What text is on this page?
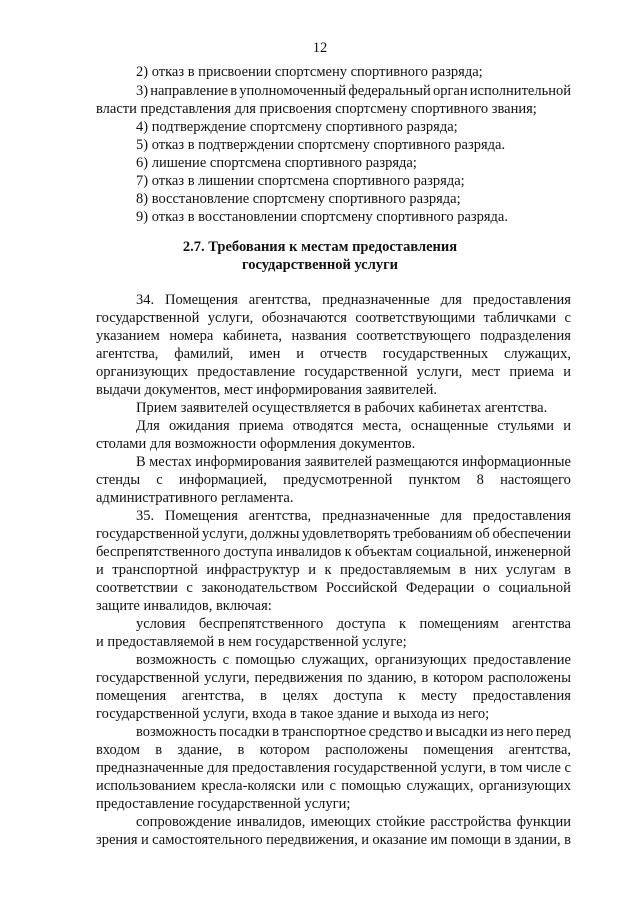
12
2) отказ в присвоении спортсмену спортивного разряда;
3) направление в уполномоченный федеральный орган исполнительной
власти представления для присвоения спортсмену спортивного звания;
4) подтверждение спортсмену спортивного разряда;
5) отказ в подтверждении спортсмену спортивного разряда.
6) лишение спортсмена спортивного разряда;
7) отказ в лишении спортсмена спортивного разряда;
8) восстановление спортсмену спортивного разряда;
9) отказ в восстановлении спортсмену спортивного разряда.
2.7. Требования к местам предоставления
государственной услуги
34. Помещения агентства, предназначенные для предоставления
государственной услуги, обозначаются соответствующими табличками с
указанием номера кабинета, названия соответствующего подразделения
агентства, фамилий, имен и отчеств государственных служащих,
организующих предоставление государственной услуги, мест приема и
выдачи документов, мест информирования заявителей.
Прием заявителей осуществляется в рабочих кабинетах агентства.
Для ожидания приема отводятся места, оснащенные стульями и
столами для возможности оформления документов.
В местах информирования заявителей размещаются информационные
стенды с информацией, предусмотренной пунктом 8 настоящего
административного регламента.
35. Помещения агентства, предназначенные для предоставления
государственной услуги, должны удовлетворять требованиям об обеспечении
беспрепятственного доступа инвалидов к объектам социальной, инженерной
и транспортной инфраструктур и к предоставляемым в них услугам в
соответствии с законодательством Российской Федерации о социальной
защите инвалидов, включая:
условия беспрепятственного доступа к помещениям агентства
и предоставляемой в нем государственной услуге;
возможность с помощью служащих, организующих предоставление
государственной услуги, передвижения по зданию, в котором расположены
помещения агентства, в целях доступа к месту предоставления
государственной услуги, входа в такое здание и выхода из него;
возможность посадки в транспортное средство и высадки из него перед
входом в здание, в котором расположены помещения агентства,
предназначенные для предоставления государственной услуги, в том числе с
использованием кресла-коляски или с помощью служащих, организующих
предоставление государственной услуги;
сопровождение инвалидов, имеющих стойкие расстройства функции
зрения и самостоятельного передвижения, и оказание им помощи в здании, в
